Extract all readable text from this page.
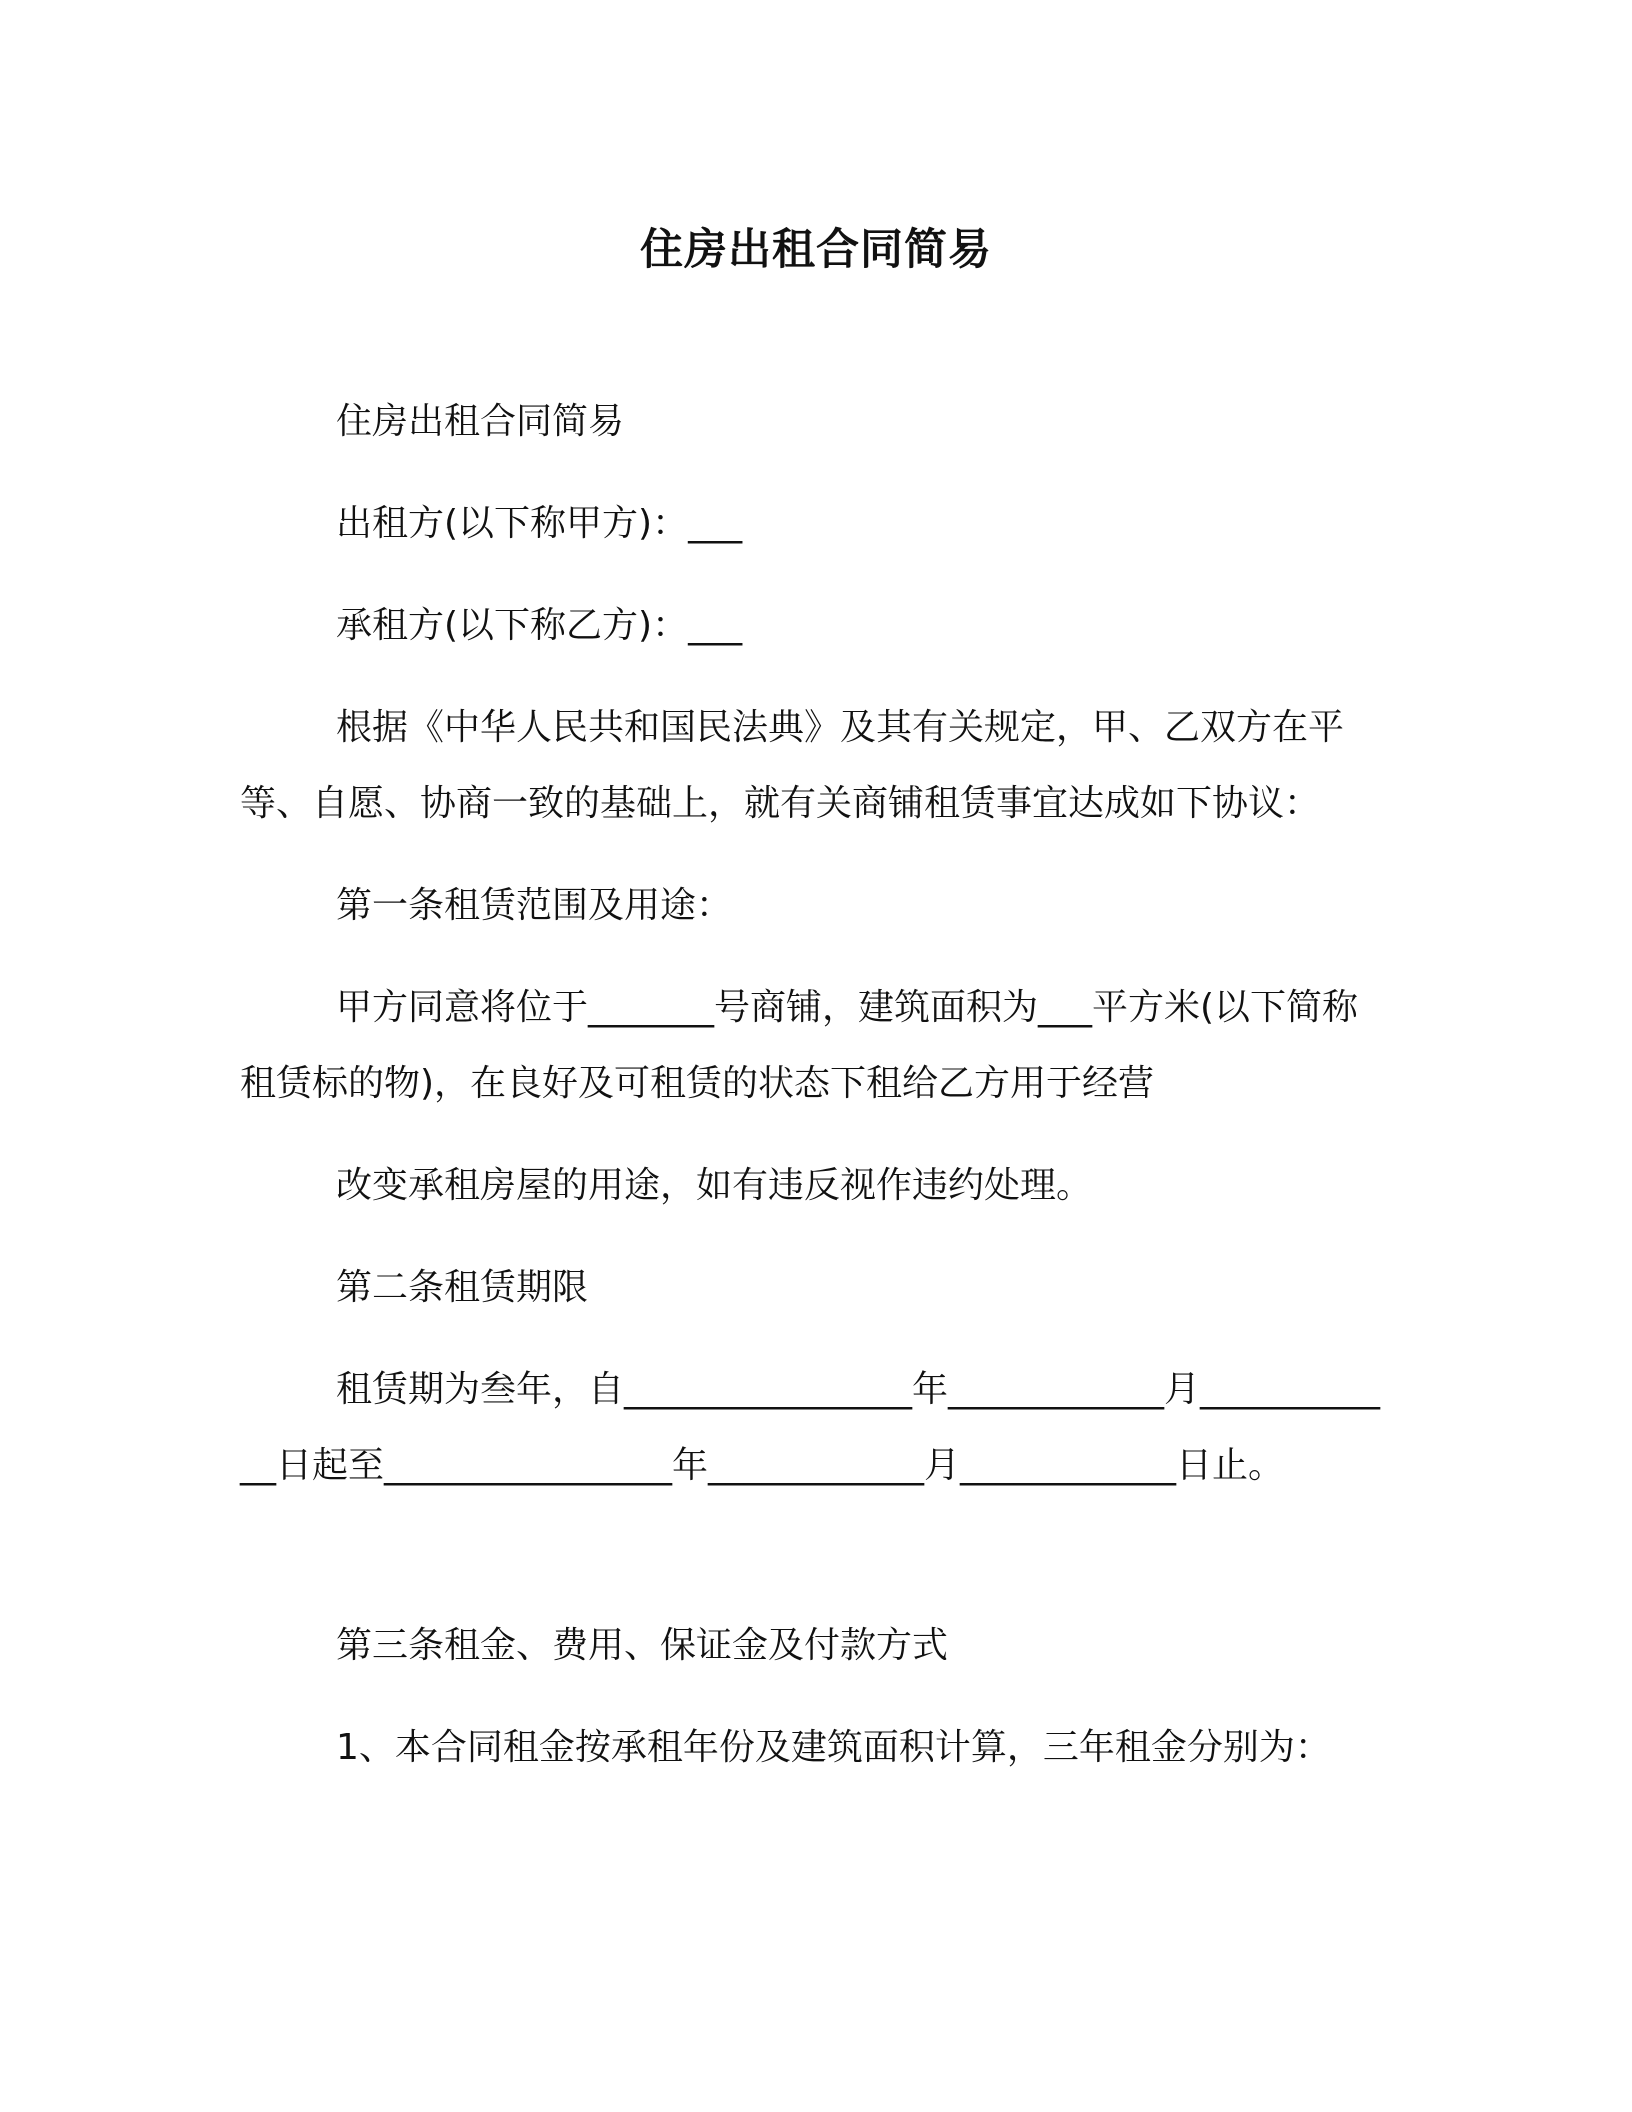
住房出租合同简易
住房出租合同简易
出租方(以下称甲方)：___
承租方(以下称乙方)：___
根据《中华人民共和国民法典》及其有关规定，甲、乙双方在平等、自愿、协商一致的基础上，就有关商铺租赁事宜达成如下协议：
第一条租赁范围及用途：
甲方同意将位于_______号商铺，建筑面积为___平方米(以下简称租赁标的物)，在良好及可租赁的状态下租给乙方用于经营
改变承租房屋的用途，如有违反视作违约处理。
第二条租赁期限
租赁期为叁年，自________________年____________月____________日起至________________年____________月____________日止。
第三条租金、费用、保证金及付款方式
1、本合同租金按承租年份及建筑面积计算，三年租金分别为：
